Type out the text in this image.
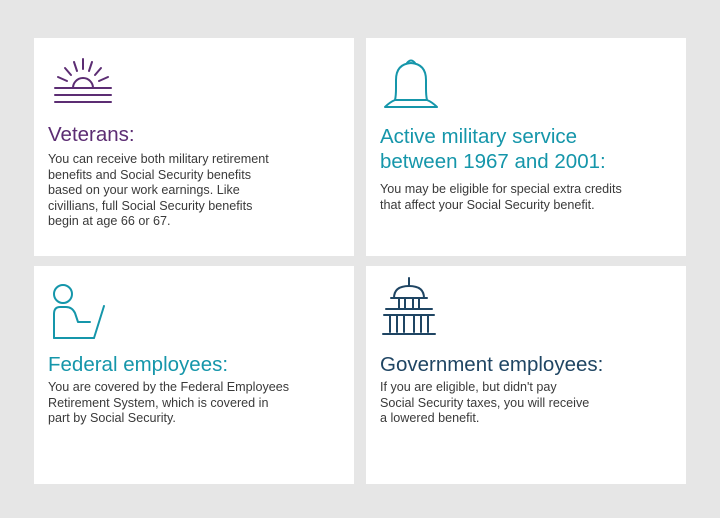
Veterans:

You can receive both military retirement
benefits and Social Security benefits
based on your work earnings. Like
civillians, full Social Security benefits
begin at age 66 or 67.

Active military service
between 1967 and 2001:

You may be eligible for special extra credits
that affect your Social Security benefit.

Federal employees:

You are covered by the Federal Employees
Retirement System, which is covered in
part by Social Security.

Government employees:

If you are eligible, but didn't pay
Social Security taxes, you will receive
a lowered benefit.
